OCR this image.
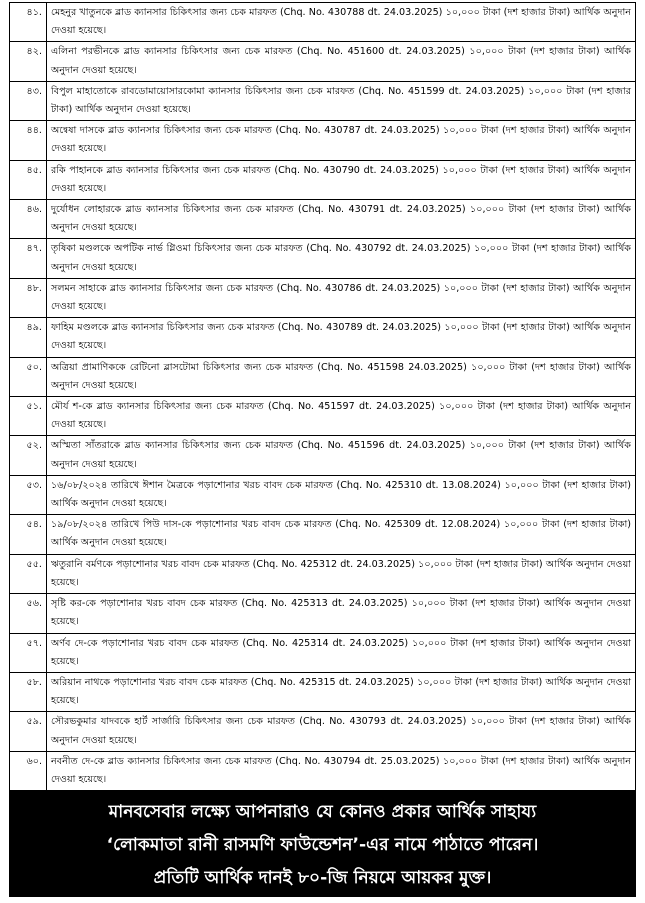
৪১.	মেহনুর খাতুনকে ব্লাড ক্যানসার চিকিৎসার জন্য চেক মারফত (Chq. No. 430788 dt. 24.03.2025) ১০,০০০ টাকা (দশ হাজার টাকা) আর্থিক অনুদান দেওয়া হয়েছে।
৪২.	এলিনা পরভীনকে ব্লাড ক্যানসার চিকিৎসার জন্য চেক মারফত (Chq. No. 451600 dt. 24.03.2025) ১০,০০০ টাকা (দশ হাজার টাকা) আর্থিক অনুদান দেওয়া হয়েছে।
৪৩.	বিপুল মাহাতোকে রাবডোমায়োসারকোমা ক্যানসার চিকিৎসার জন্য চেক মারফত (Chq. No. 451599 dt. 24.03.2025) ১০,০০০ টাকা (দশ হাজার টাকা) আর্থিক অনুদান দেওয়া হয়েছে।
৪৪.	অন্বেষা দাসকে ব্লাড ক্যানসার চিকিৎসার জন্য চেক মারফত (Chq. No. 430787 dt. 24.03.2025) ১০,০০০ টাকা (দশ হাজার টাকা) আর্থিক অনুদান দেওয়া হয়েছে।
৪৫.	রকি পাহানকে ব্লাড ক্যানসার চিকিৎসার জন্য চেক মারফত (Chq. No. 430790 dt. 24.03.2025) ১০,০০০ টাকা (দশ হাজার টাকা) আর্থিক অনুদান দেওয়া হয়েছে।
৪৬.	দুর্যোধন লোহারকে ব্লাড ক্যানসার চিকিৎসার জন্য চেক মারফত (Chq. No. 430791 dt. 24.03.2025) ১০,০০০ টাকা (দশ হাজার টাকা) আর্থিক অনুদান দেওয়া হয়েছে।
৪৭.	তৃষিকা মণ্ডলকে অপটিক নার্ভ গ্লিওমা চিকিৎসার জন্য চেক মারফত (Chq. No. 430792 dt. 24.03.2025) ১০,০০০ টাকা (দশ হাজার টাকা) আর্থিক অনুদান দেওয়া হয়েছে।
৪৮.	সলমন সাহাকে ব্লাড ক্যানসার চিকিৎসার জন্য চেক মারফত (Chq. No. 430786 dt. 24.03.2025) ১০,০০০ টাকা (দশ হাজার টাকা) আর্থিক অনুদান দেওয়া হয়েছে।
৪৯.	ফাহিম মণ্ডলকে ব্লাড ক্যানসার চিকিৎসার জন্য চেক মারফত (Chq. No. 430789 dt. 24.03.2025) ১০,০০০ টাকা (দশ হাজার টাকা) আর্থিক অনুদান দেওয়া হয়েছে।
৫০.	অত্রিয়া প্রামাণিককে রেটিনো ব্লাসটোমা চিকিৎসার জন্য চেক মারফত (Chq. No. 451598 24.03.2025) ১০,০০০ টাকা (দশ হাজার টাকা) আর্থিক অনুদান দেওয়া হয়েছে।
৫১.	মৌর্য শ-কে ব্লাড ক্যানসার চিকিৎসার জন্য চেক মারফত (Chq. No. 451597 dt. 24.03.2025) ১০,০০০ টাকা (দশ হাজার টাকা) আর্থিক অনুদান দেওয়া হয়েছে।
৫২.	অস্মিতা সাঁতরাকে ব্লাড ক্যানসার চিকিৎসার জন্য চেক মারফত (Chq. No. 451596 dt. 24.03.2025) ১০,০০০ টাকা (দশ হাজার টাকা) আর্থিক অনুদান দেওয়া হয়েছে।
৫৩.	১৬/০৮/২০২৪ তারিখে ঈশান মৈত্রকে পড়াশোনার খরচ বাবদ চেক মারফত (Chq. No. 425310 dt. 13.08.2024) ১০,০০০ টাকা (দশ হাজার টাকা) আর্থিক অনুদান দেওয়া হয়েছে।
৫৪.	১৯/০৮/২০২৪ তারিখে পিউ দাস-কে পড়াশোনার খরচ বাবদ চেক মারফত (Chq. No. 425309 dt. 12.08.2024) ১০,০০০ টাকা (দশ হাজার টাকা) আর্থিক অনুদান দেওয়া হয়েছে।
৫৫.	ঋতুরানি বর্মণকে পড়াশোনার খরচ বাবদ চেক মারফত (Chq. No. 425312 dt. 24.03.2025) ১০,০০০ টাকা (দশ হাজার টাকা) আর্থিক অনুদান দেওয়া হয়েছে।
৫৬.	সৃষ্টি কর-কে পড়াশোনার খরচ বাবদ চেক মারফত (Chq. No. 425313 dt. 24.03.2025) ১০,০০০ টাকা (দশ হাজার টাকা) আর্থিক অনুদান দেওয়া হয়েছে।
৫৭.	অর্ণব দে-কে পড়াশোনার খরচ বাবদ চেক মারফত (Chq. No. 425314 dt. 24.03.2025) ১০,০০০ টাকা (দশ হাজার টাকা) আর্থিক অনুদান দেওয়া হয়েছে।
৫৮.	অরিয়ান নাথকে পড়াশোনার খরচ বাবদ চেক মারফত (Chq. No. 425315 dt. 24.03.2025) ১০,০০০ টাকা (দশ হাজার টাকা) আর্থিক অনুদান দেওয়া হয়েছে।
৫৯.	সৌরভকুমার যাদবকে হার্ট সার্জারি চিকিৎসার জন্য চেক মারফত (Chq. No. 430793 dt. 24.03.2025) ১০,০০০ টাকা (দশ হাজার টাকা) আর্থিক অনুদান দেওয়া হয়েছে।
৬০.	নবনীত দে-কে ব্লাড ক্যানসার চিকিৎসার জন্য চেক মারফত (Chq. No. 430794 dt. 25.03.2025) ১০,০০০ টাকা (দশ হাজার টাকা) আর্থিক অনুদান দেওয়া হয়েছে।

মানবসেবার লক্ষ্যে আপনারাও যে কোনও প্রকার আর্থিক সাহায্য
‘লোকমাতা রানী রাসমণি ফাউন্ডেশন’-এর নামে পাঠাতে পারেন।
প্রতিটি আর্থিক দানই ৮০-জি নিয়মে আয়কর মুক্ত।
